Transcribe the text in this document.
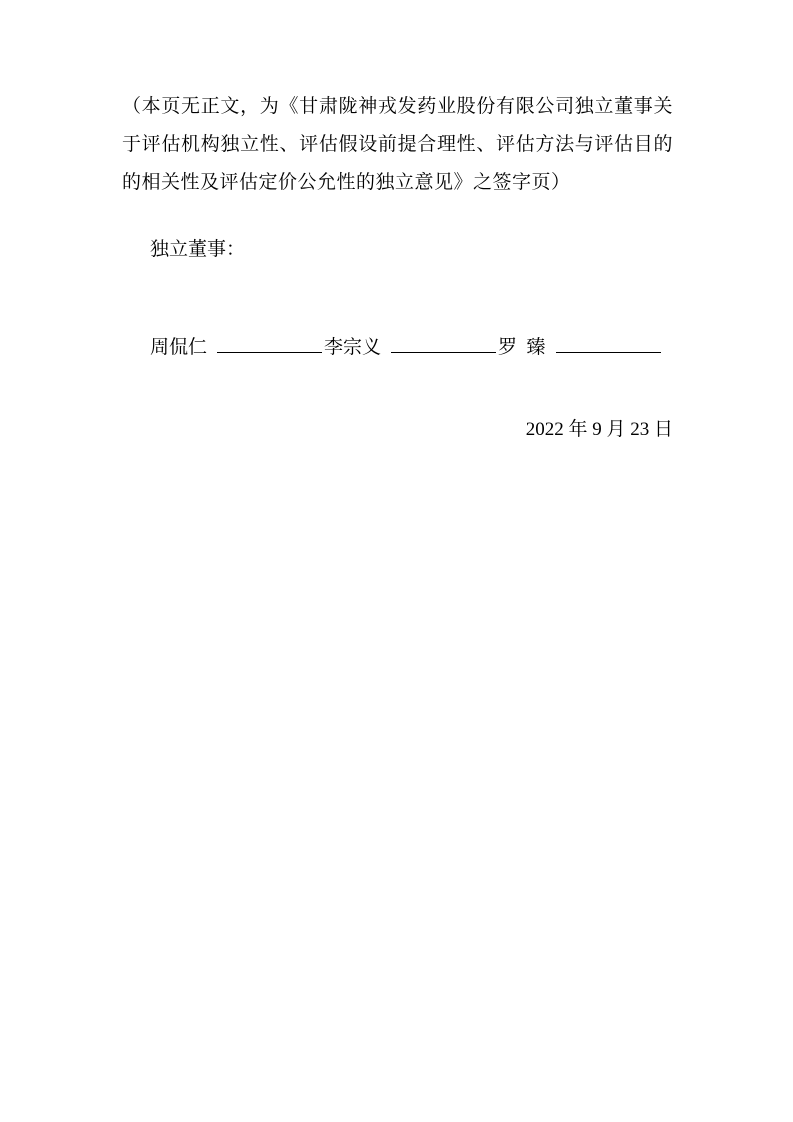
（本页无正文，为《甘肃陇神戎发药业股份有限公司独立董事关于评估机构独立性、评估假设前提合理性、评估方法与评估目的的相关性及评估定价公允性的独立意见》之签字页）

独立董事：

周侃仁	李宗义	罗  臻

2022 年 9 月 23 日
